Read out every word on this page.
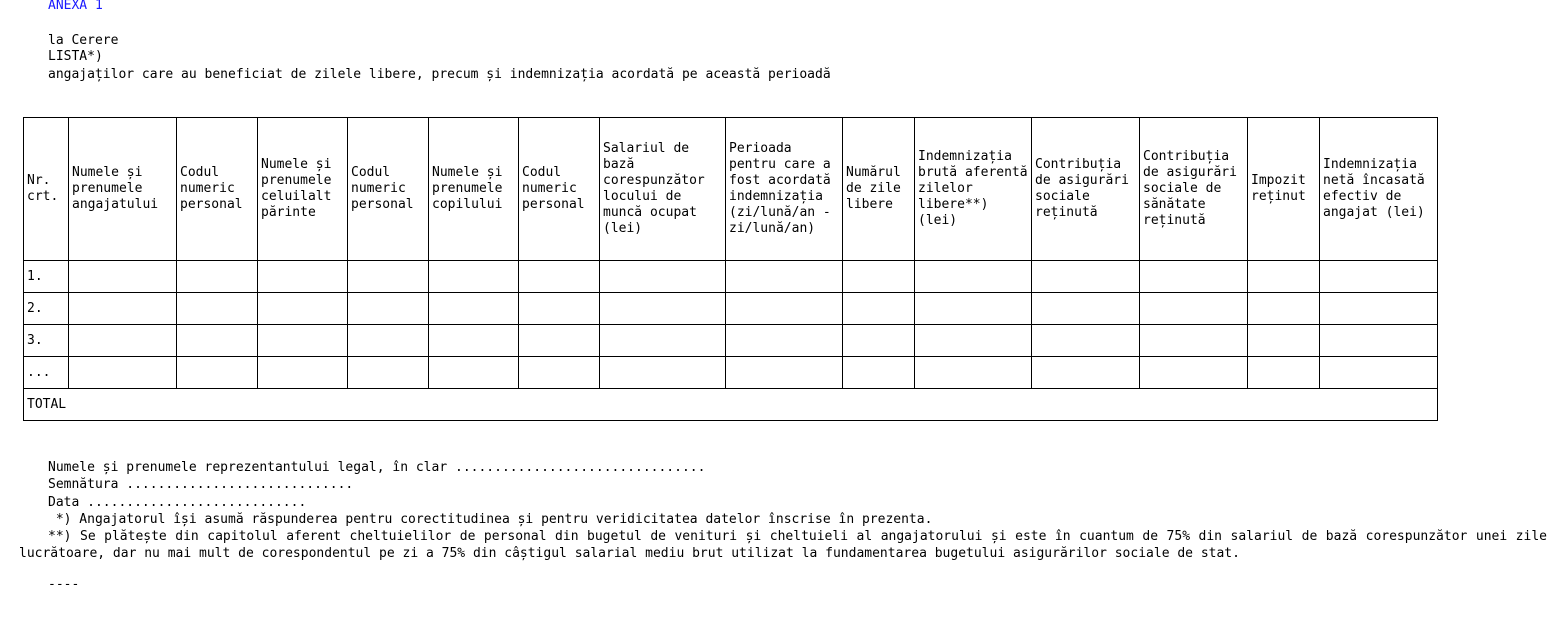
ANEXA 1
la Cerere
LISTA*)
angajaților care au beneficiat de zilele libere, precum și indemnizația acordată pe această perioadă
Nr. crt.	Numele și prenumele angajatului	Codul numeric personal	Numele și prenumele celuilalt părinte	Codul numeric personal	Numele și prenumele copilului	Codul numeric personal	Salariul de bază corespunzător locului de muncă ocupat (lei)	Perioada pentru care a fost acordată indemnizația (zi/lună/an - zi/lună/an)	Numărul de zile libere	Indemnizația brută aferentă zilelor libere**) (lei)	Contribuția de asigurări sociale reținută	Contribuția de asigurări sociale de sănătate reținută	Impozit reținut	Indemnizația netă încasată efectiv de angajat (lei)
1.														
2.														
3.														
...														
TOTAL														
Numele și prenumele reprezentantului legal, în clar ................................
Semnătura .............................
Data ............................
*) Angajatorul își asumă răspunderea pentru corectitudinea și pentru veridicitatea datelor înscrise în prezenta.
**) Se plătește din capitolul aferent cheltuielilor de personal din bugetul de venituri și cheltuieli al angajatorului și este în cuantum de 75% din salariul de bază corespunzător unei zile lucrătoare, dar nu mai mult de corespondentul pe zi a 75% din câștigul salarial mediu brut utilizat la fundamentarea bugetului asigurărilor sociale de stat.
----
